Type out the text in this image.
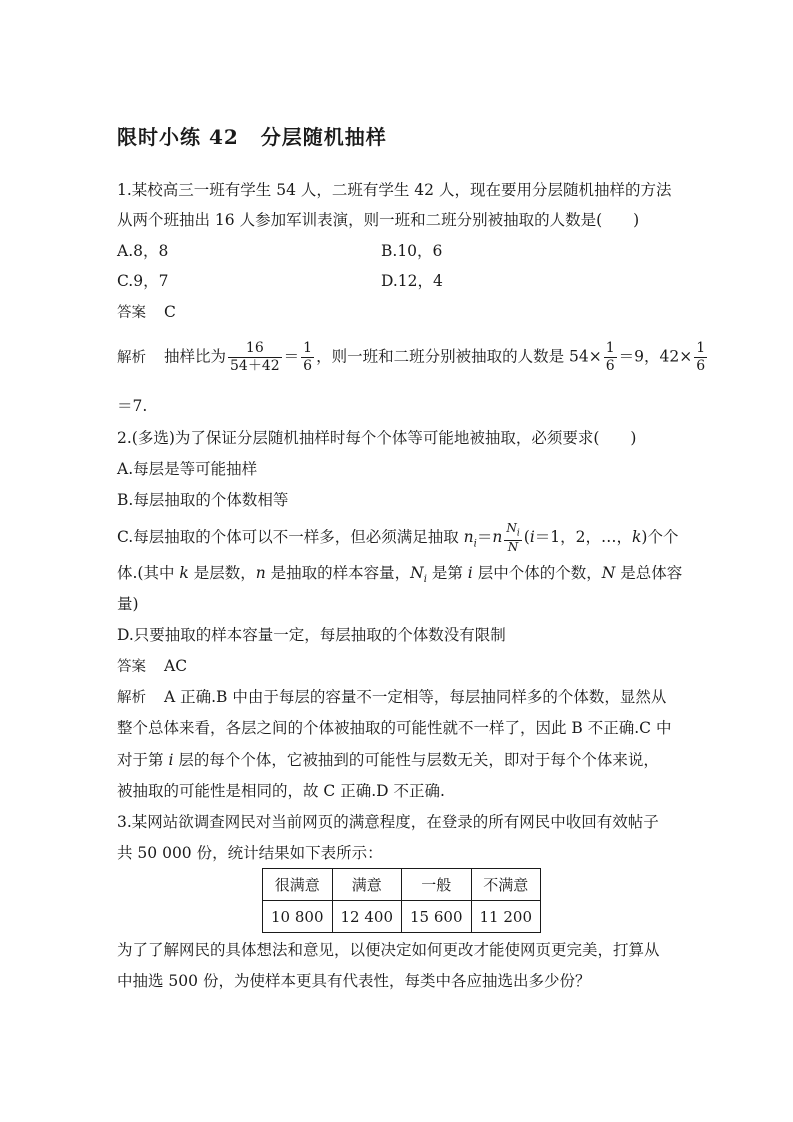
限时小练 42 分层随机抽样
1.某校高三一班有学生 54 人，二班有学生 42 人，现在要用分层随机抽样的方法
从两个班抽出 16 人参加军训表演，则一班和二班分别被抽取的人数是(　　)
A.8，8	B.10，6
C.9，7	D.12，4
答案 C
解析 抽样比为 $\frac{16}{54+42} = \frac{1}{6}$ ，则一班和二班分别被抽取的人数是 $54\times \frac{1}{6} =9$，$42\times \frac{1}{6}$
＝7.
2.(多选)为了保证分层随机抽样时每个个体等可能地被抽取，必须要求(　　)
A.每层是等可能抽样
B.每层抽取的个体数相等
C.每层抽取的个体可以不一样多，但必须满足抽取 $n_i=n \frac{N_i}{N} (i=1$，2，…，k)个个
体.(其中 k 是层数，n 是抽取的样本容量，$N_i$ 是第 i 层中个体的个数，N 是总体容
量)
D.只要抽取的样本容量一定，每层抽取的个体数没有限制
答案 AC
解析 A 正确.B 中由于每层的容量不一定相等，每层抽同样多的个体数，显然从
整个总体来看，各层之间的个体被抽取的可能性就不一样了，因此 B 不正确.C 中
对于第 i 层的每个个体，它被抽到的可能性与层数无关，即对于每个个体来说，
被抽取的可能性是相同的，故 C 正确.D 不正确.
3.某网站欲调查网民对当前网页的满意程度，在登录的所有网民中收回有效帖子
共 50 000 份，统计结果如下表所示：
很满意	满意	一般	不满意
10 800	12 400	15 600	11 200
为了了解网民的具体想法和意见，以便决定如何更改才能使网页更完美，打算从
中抽选 500 份，为使样本更具有代表性，每类中各应抽选出多少份？
